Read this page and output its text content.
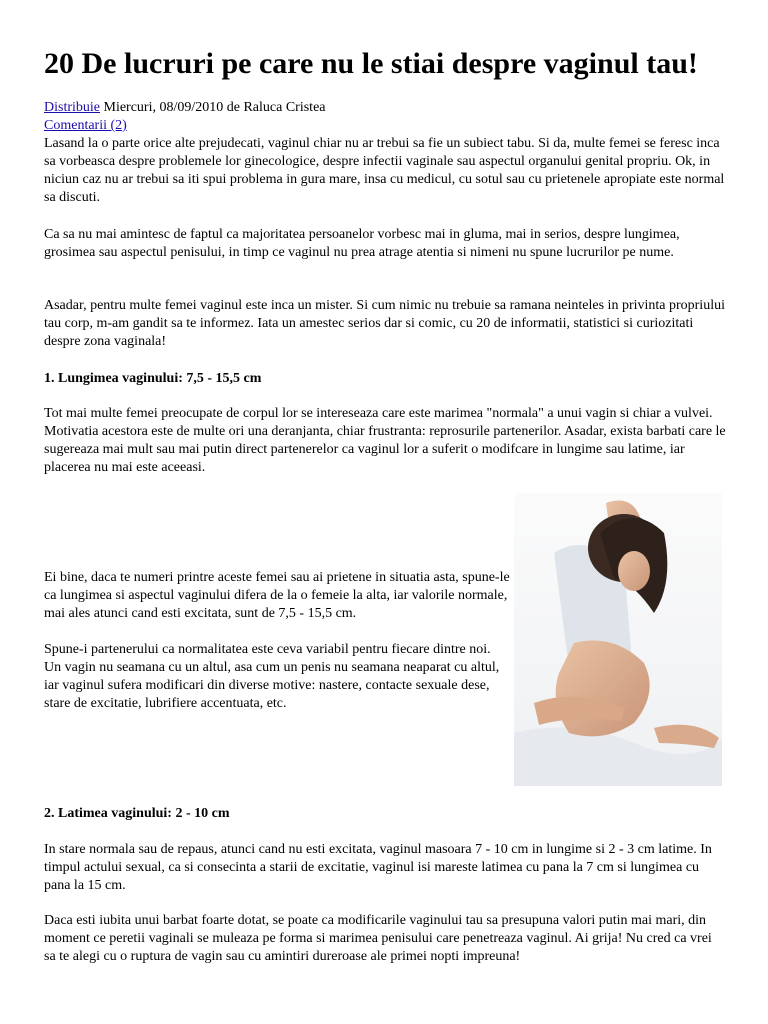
20 De lucruri pe care nu le stiai despre vaginul tau!
Distribuie Miercuri, 08/09/2010 de Raluca Cristea
Comentarii (2)

Lasand la o parte orice alte prejudecati, vaginul chiar nu ar trebui sa fie un subiect tabu. Si da, multe femei se feresc inca sa vorbeasca despre problemele lor ginecologice, despre infectii vaginale sau aspectul organului genital propriu. Ok, in niciun caz nu ar trebui sa iti spui problema in gura mare, insa cu medicul, cu sotul sau cu prietenele apropiate este normal sa discuti.

Ca sa nu mai amintesc de faptul ca majoritatea persoanelor vorbesc mai in gluma, mai in serios, despre lungimea, grosimea sau aspectul penisului, in timp ce vaginul nu prea atrage atentia si nimeni nu spune lucrurilor pe nume.

Asadar, pentru multe femei vaginul este inca un mister. Si cum nimic nu trebuie sa ramana neinteles in privinta propriului tau corp, m-am gandit sa te informez. Iata un amestec serios dar si comic, cu 20 de informatii, statistici si curiozitati despre zona vaginala!

1. Lungimea vaginului: 7,5 - 15,5 cm

Tot mai multe femei preocupate de corpul lor se intereseaza care este marimea "normala" a unui vagin si chiar a vulvei. Motivatia acestora este de multe ori una deranjanta, chiar frustranta: reprosurile partenerilor. Asadar, exista barbati care le sugereaza mai mult sau mai putin direct partenerelor ca vaginul lor a suferit o modifcare in lungime sau latime, iar placerea nu mai este aceeasi.

Ei bine, daca te numeri printre aceste femei sau ai prietene in situatia asta, spune-le ca lungimea si aspectul vaginului difera de la o femeie la alta, iar valorile normale, mai ales atunci cand esti excitata, sunt de 7,5 - 15,5 cm.

Spune-i partenerului ca normalitatea este ceva variabil pentru fiecare dintre noi. Un vagin nu seamana cu un altul, asa cum un penis nu seamana neaparat cu altul, iar vaginul sufera modificari din diverse motive: nastere, contacte sexuale dese, stare de excitatie, lubrifiere accentuata, etc.

2. Latimea vaginului: 2 - 10 cm

In stare normala sau de repaus, atunci cand nu esti excitata, vaginul masoara 7 - 10 cm in lungime si 2 - 3 cm latime. In timpul actului sexual, ca si consecinta a starii de excitatie, vaginul isi mareste latimea cu pana la 7 cm si lungimea cu pana la 15 cm.

Daca esti iubita unui barbat foarte dotat, se poate ca modificarile vaginului tau sa presupuna valori putin mai mari, din moment ce peretii vaginali se muleaza pe forma si marimea penisului care penetreaza vaginul. Ai grija! Nu cred ca vrei sa te alegi cu o ruptura de vagin sau cu amintiri dureroase ale primei nopti impreuna!
